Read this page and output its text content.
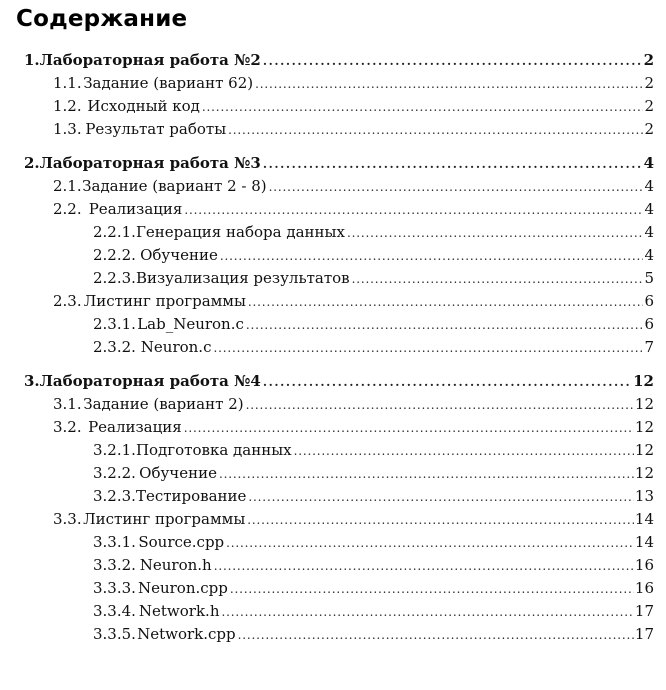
Содержание
1. Лабораторная работа №2 . . .	2
1.1. Задание (вариант 62) . . .	2
1.2. Исходный код . . .	2
1.3. Результат работы . . .	2
2. Лабораторная работа №3 . . .	4
2.1. Задание (вариант 2 - 8) . . .	4
2.2. Реализация . . .	4
2.2.1. Генерация набора данных . . .	4
2.2.2. Обучение . . .	4
2.2.3. Визуализация результатов . . .	5
2.3. Листинг программы . . .	6
2.3.1. Lab_Neuron.c . . .	6
2.3.2. Neuron.c . . .	7
3. Лабораторная работа №4 . . .	12
3.1. Задание (вариант 2) . . .	12
3.2. Реализация . . .	12
3.2.1. Подготовка данных . . .	12
3.2.2. Обучение . . .	12
3.2.3. Тестирование . . .	13
3.3. Листинг программы . . .	14
3.3.1. Source.cpp . . .	14
3.3.2. Neuron.h . . .	16
3.3.3. Neuron.cpp . . .	16
3.3.4. Network.h . . .	17
3.3.5. Network.cpp . . .	17
